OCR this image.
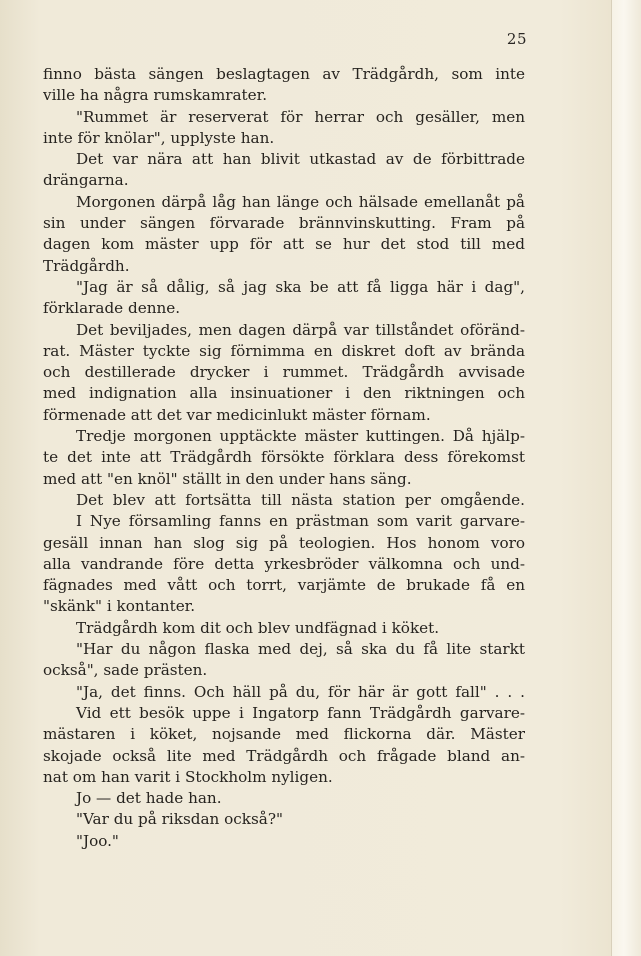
25
finno bästa sängen beslagtagen av Trädgårdh, som inte
ville ha några rumskamrater.
"Rummet är reserverat för herrar och gesäller, men
inte för knölar", upplyste han.
Det var nära att han blivit utkastad av de förbittrade
drängarna.
Morgonen därpå låg han länge och hälsade emellanåt på
sin under sängen förvarade brännvinskutting. Fram på
dagen kom mäster upp för att se hur det stod till med
Trädgårdh.
"Jag är så dålig, så jag ska be att få ligga här i dag",
förklarade denne.
Det beviljades, men dagen därpå var tillståndet oföränd-
rat. Mäster tyckte sig förnimma en diskret doft av brända
och destillerade drycker i rummet. Trädgårdh avvisade
med indignation alla insinuationer i den riktningen och
förmenade att det var medicinlukt mäster förnam.
Tredje morgonen upptäckte mäster kuttingen. Då hjälp-
te det inte att Trädgårdh försökte förklara dess förekomst
med att "en knöl" ställt in den under hans säng.
Det blev att fortsätta till nästa station per omgående.
I Nye församling fanns en prästman som varit garvare-
gesäll innan han slog sig på teologien. Hos honom voro
alla vandrande före detta yrkesbröder välkomna och und-
fägnades med vått och torrt, varjämte de brukade få en
"skänk" i kontanter.
Trädgårdh kom dit och blev undfägnad i köket.
"Har du någon flaska med dej, så ska du få lite starkt
också", sade prästen.
"Ja, det finns. Och häll på du, för här är gott fall" . . .
Vid ett besök uppe i Ingatorp fann Trädgårdh garvare-
mästaren i köket, nojsande med flickorna där. Mäster
skojade också lite med Trädgårdh och frågade bland an-
nat om han varit i Stockholm nyligen.
Jo — det hade han.
"Var du på riksdan också?"
"Joo."
